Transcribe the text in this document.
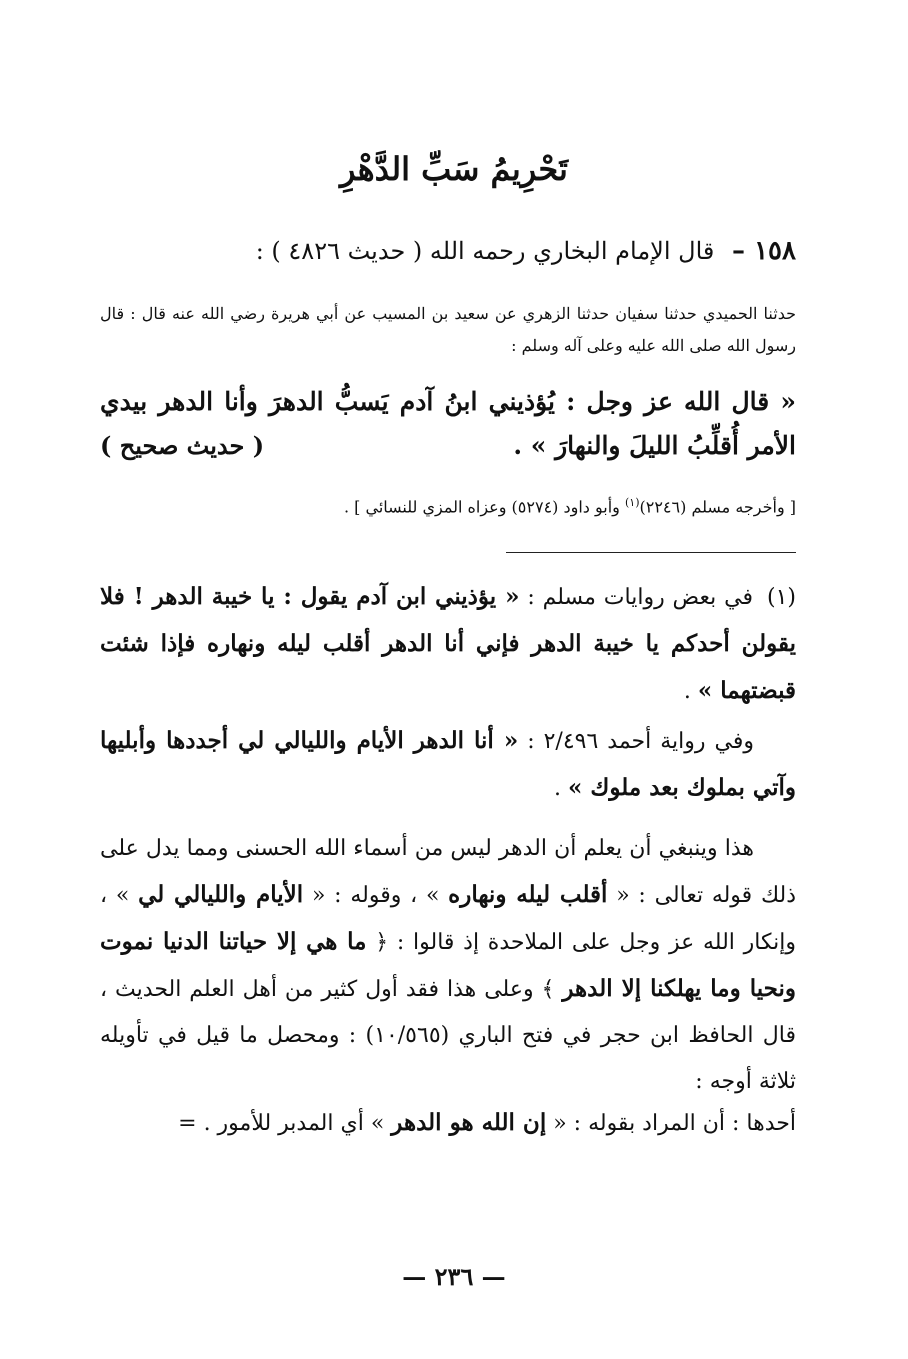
تَحْرِيمُ سَبِّ الدَّهْرِ
١٥٨ – قال الإمام البخاري رحمه الله ( حديث ٤٨٢٦ ) :
حدثنا الحميدي حدثنا سفيان حدثنا الزهري عن سعيد بن المسيب عن أبي هريرة رضي الله عنه قال : قال رسول الله صلى الله عليه وعلى آله وسلم :
« قال الله عز وجل : يُؤذيني ابنُ آدم يَسبُّ الدهرَ وأنا الدهر بيدي الأمر أُقلِّبُ الليلَ والنهارَ » .
( حديث صحيح )
[ وأخرجه مسلم (٢٢٤٦)$^{(١)}$ وأبو داود (٥٢٧٤) وعزاه المزي للنسائي ] .
(١)في بعض روايات مسلم : « يؤذيني ابن آدم يقول : يا خيبة الدهر ! فلا يقولن أحدكم يا خيبة الدهر فإني أنا الدهر أقلب ليله ونهاره فإذا شئت قبضتهما » .
وفي رواية أحمد ٢/٤٩٦ : « أنا الدهر الأيام والليالي لي أجددها وأبليها وآتي بملوك بعد ملوك » .
هذا وينبغي أن يعلم أن الدهر ليس من أسماء الله الحسنى ومما يدل على ذلك قوله تعالى : « أقلب ليله ونهاره » ، وقوله : « الأيام والليالي لي » ، وإنكار الله عز وجل على الملاحدة إذ قالوا : ﴿ ما هي إلا حياتنا الدنيا نموت ونحيا وما يهلكنا إلا الدهر ﴾ وعلى هذا فقد أول كثير من أهل العلم الحديث ، قال الحافظ ابن حجر في فتح الباري (١٠/٥٦٥) : ومحصل ما قيل في تأويله ثلاثة أوجه :
أحدها : أن المراد بقوله : « إن الله هو الدهر » أي المدبر للأمور . =
— ٢٣٦ —
